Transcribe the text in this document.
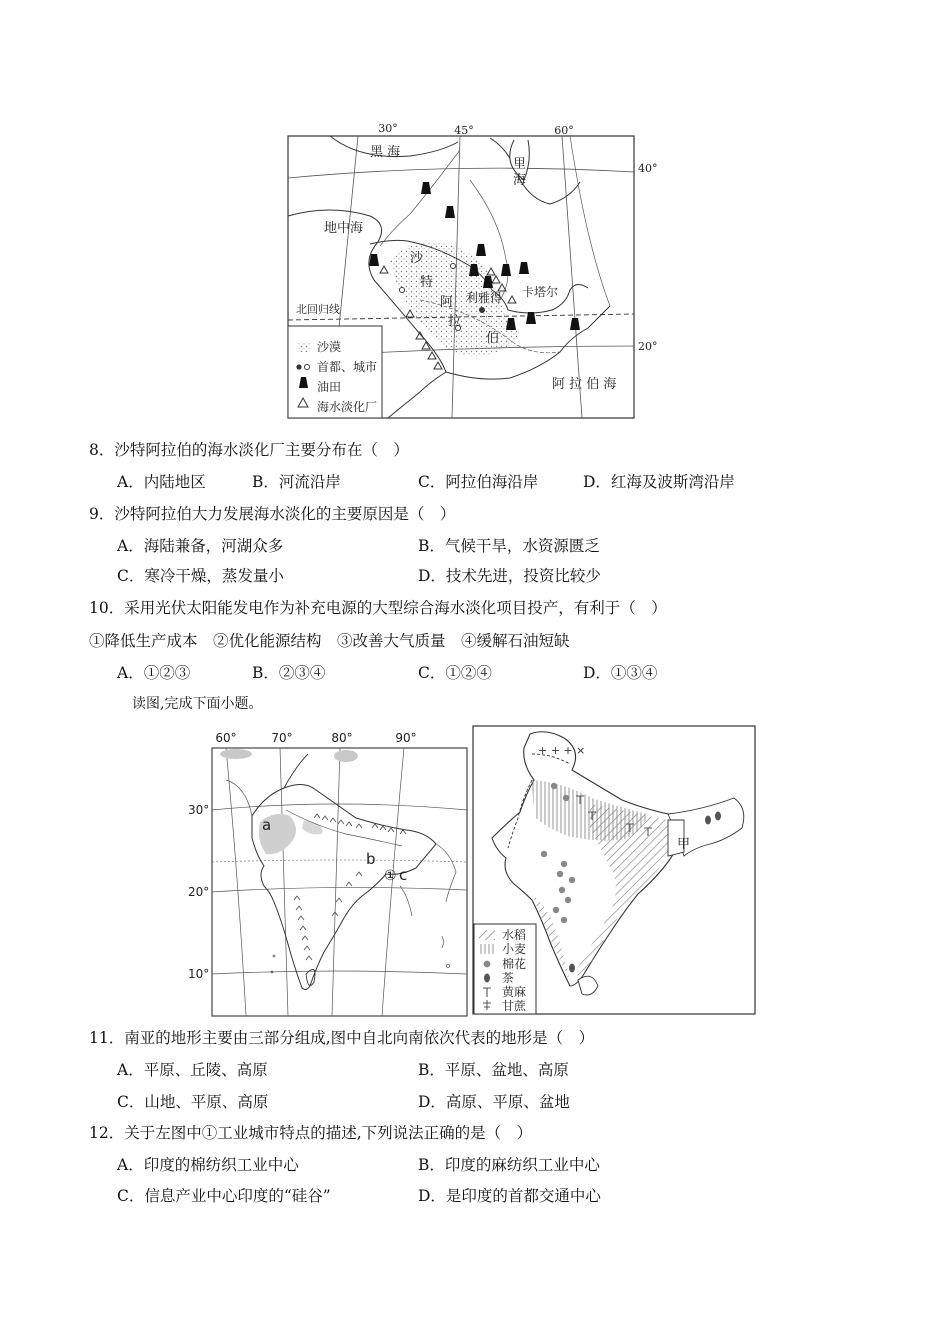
沙漠
首都、城市
油田
海水淡化厂
30°	45°	60°
40°
20°
北回归线
黑 海
里
海
地中海
沙
特
阿
拉
伯
利雅得 卡塔尔
阿 拉 伯 海
8．沙特阿拉伯的海水淡化厂主要分布在（　）
A．内陆地区	B．河流沿岸	C．阿拉伯海沿岸	D．红海及波斯湾沿岸
9．沙特阿拉伯大力发展海水淡化的主要原因是（　）
A．海陆兼备，河湖众多	B．气候干旱，水资源匮乏
C．寒冷干燥，蒸发量小	D．技术先进，投资比较少
10．采用光伏太阳能发电作为补充电源的大型综合海水淡化项目投产，有利于（　）
①降低生产成本　②优化能源结构　③改善大气质量　④缓解石油短缺
A．①②③	B．②③④	C．①②④	D．①③④
读图,完成下面小题。
60°	70°	80°	90°
30°
20°
10°
a
b
c
①
+ + + ×
甲
水稻
小麦
棉花
茶
黄麻
甘蔗
11．南亚的地形主要由三部分组成,图中自北向南依次代表的地形是（　）
A．平原、丘陵、高原	B．平原、盆地、高原
C．山地、平原、高原	D．高原、平原、盆地
12．关于左图中①工业城市特点的描述,下列说法正确的是（　）
A．印度的棉纺织工业中心	B．印度的麻纺织工业中心
C．信息产业中心印度的“硅谷”	D．是印度的首都交通中心
